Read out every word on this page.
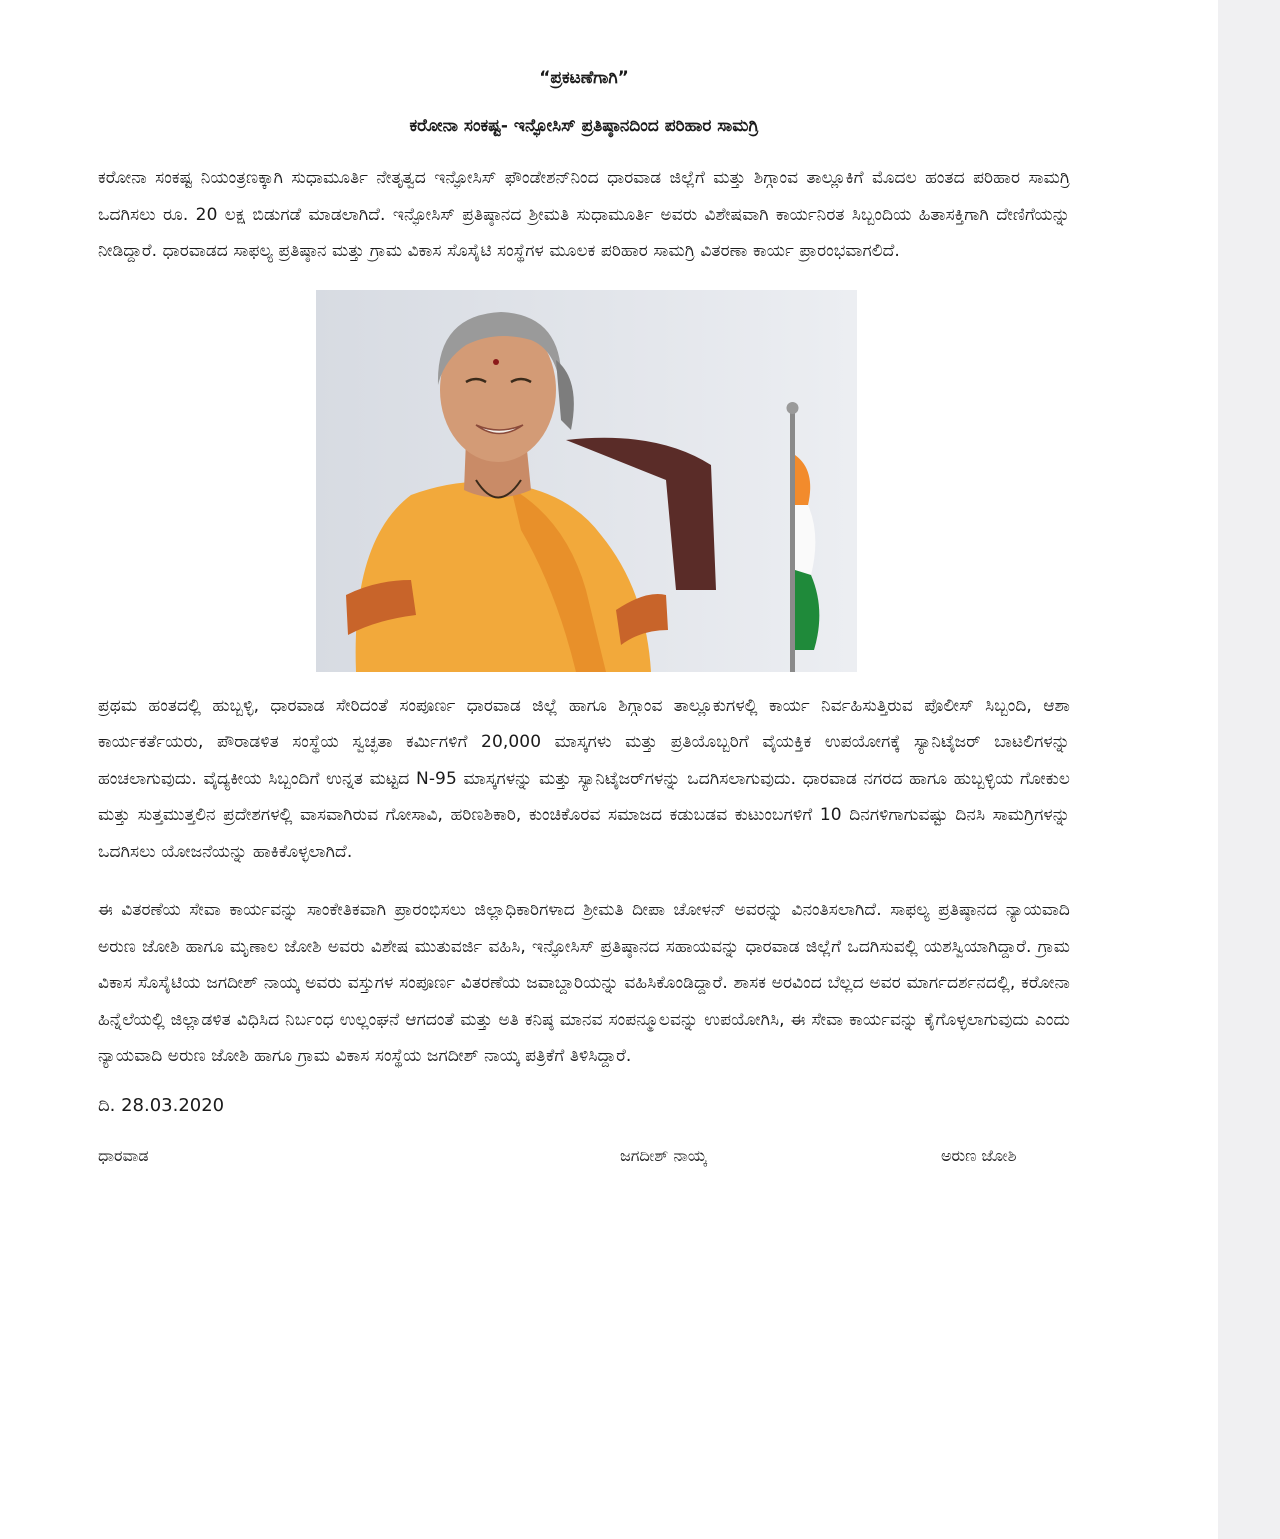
“ಪ್ರಕಟಣೆಗಾಗಿ”

ಕರೋನಾ ಸಂಕಷ್ಟ- ಇನ್ಫೋಸಿಸ್ ಪ್ರತಿಷ್ಠಾನದಿಂದ ಪರಿಹಾರ ಸಾಮಗ್ರಿ

ಕರೋನಾ ಸಂಕಷ್ಟ ನಿಯಂತ್ರಣಕ್ಕಾಗಿ ಸುಧಾಮೂರ್ತಿ ನೇತೃತ್ವದ ಇನ್ಫೋಸಿಸ್ ಫೌಂಡೇಶನ್‌ನಿಂದ ಧಾರವಾಡ ಜಿಲ್ಲೆಗೆ ಮತ್ತು ಶಿಗ್ಗಾಂವ ತಾಲ್ಲೂಕಿಗೆ ಮೊದಲ ಹಂತದ ಪರಿಹಾರ ಸಾಮಗ್ರಿ ಒದಗಿಸಲು ರೂ. 20 ಲಕ್ಷ ಬಿಡುಗಡೆ ಮಾಡಲಾಗಿದೆ. ಇನ್ಫೋಸಿಸ್ ಪ್ರತಿಷ್ಠಾನದ ಶ್ರೀಮತಿ ಸುಧಾಮೂರ್ತಿ ಅವರು ವಿಶೇಷವಾಗಿ ಕಾರ್ಯನಿರತ ಸಿಬ್ಬಂದಿಯ ಹಿತಾಸಕ್ತಿಗಾಗಿ ದೇಣಿಗೆಯನ್ನು ನೀಡಿದ್ದಾರೆ. ಧಾರವಾಡದ ಸಾಫಲ್ಯ ಪ್ರತಿಷ್ಠಾನ ಮತ್ತು ಗ್ರಾಮ ವಿಕಾಸ ಸೊಸೈಟಿ ಸಂಸ್ಥೆಗಳ ಮೂಲಕ ಪರಿಹಾರ ಸಾಮಗ್ರಿ ವಿತರಣಾ ಕಾರ್ಯ ಪ್ರಾರಂಭವಾಗಲಿದೆ.

ಪ್ರಥಮ ಹಂತದಲ್ಲಿ ಹುಬ್ಬಳ್ಳಿ, ಧಾರವಾಡ ಸೇರಿದಂತೆ ಸಂಪೂರ್ಣ ಧಾರವಾಡ ಜಿಲ್ಲೆ ಹಾಗೂ ಶಿಗ್ಗಾಂವ ತಾಲ್ಲೂಕುಗಳಲ್ಲಿ ಕಾರ್ಯ ನಿರ್ವಹಿಸುತ್ತಿರುವ ಪೊಲೀಸ್ ಸಿಬ್ಬಂದಿ, ಆಶಾ ಕಾರ್ಯಕರ್ತೆಯರು, ಪೌರಾಡಳಿತ ಸಂಸ್ಥೆಯ ಸ್ವಚ್ಛತಾ ಕರ್ಮಿಗಳಿಗೆ 20,000 ಮಾಸ್ಕಗಳು ಮತ್ತು ಪ್ರತಿಯೊಬ್ಬರಿಗೆ ವೈಯಕ್ತಿಕ ಉಪಯೋಗಕ್ಕೆ ಸ್ಯಾನಿಟೈಜರ್ ಬಾಟಲಿಗಳನ್ನು ಹಂಚಲಾಗುವುದು. ವೈದ್ಯಕೀಯ ಸಿಬ್ಬಂದಿಗೆ ಉನ್ನತ ಮಟ್ಟದ N-95 ಮಾಸ್ಕಗಳನ್ನು ಮತ್ತು ಸ್ಯಾನಿಟೈಜರ್‌ಗಳನ್ನು ಒದಗಿಸಲಾಗುವುದು. ಧಾರವಾಡ ನಗರದ ಹಾಗೂ ಹುಬ್ಬಳ್ಳಿಯ ಗೋಕುಲ ಮತ್ತು ಸುತ್ತಮುತ್ತಲಿನ ಪ್ರದೇಶಗಳಲ್ಲಿ ವಾಸವಾಗಿರುವ ಗೋಸಾವಿ, ಹರಿಣಶಿಕಾರಿ, ಕುಂಚಿಕೊರವ ಸಮಾಜದ ಕಡುಬಡವ ಕುಟುಂಬಗಳಿಗೆ 10 ದಿನಗಳಿಗಾಗುವಷ್ಟು ದಿನಸಿ ಸಾಮಗ್ರಿಗಳನ್ನು ಒದಗಿಸಲು ಯೋಜನೆಯನ್ನು ಹಾಕಿಕೊಳ್ಳಲಾಗಿದೆ.

ಈ ವಿತರಣೆಯ ಸೇವಾ ಕಾರ್ಯವನ್ನು ಸಾಂಕೇತಿಕವಾಗಿ ಪ್ರಾರಂಭಿಸಲು ಜಿಲ್ಲಾಧಿಕಾರಿಗಳಾದ ಶ್ರೀಮತಿ ದೀಪಾ ಚೋಳನ್ ಅವರನ್ನು ವಿನಂತಿಸಲಾಗಿದೆ. ಸಾಫಲ್ಯ ಪ್ರತಿಷ್ಠಾನದ ನ್ಯಾಯವಾದಿ ಅರುಣ ಜೋಶಿ ಹಾಗೂ ಮೃಣಾಲ ಜೋಶಿ ಅವರು ವಿಶೇಷ ಮುತುವರ್ಜಿ ವಹಿಸಿ, ಇನ್ಫೋಸಿಸ್ ಪ್ರತಿಷ್ಠಾನದ ಸಹಾಯವನ್ನು ಧಾರವಾಡ ಜಿಲ್ಲೆಗೆ ಒದಗಿಸುವಲ್ಲಿ ಯಶಸ್ವಿಯಾಗಿದ್ದಾರೆ. ಗ್ರಾಮ ವಿಕಾಸ ಸೊಸೈಟಿಯ ಜಗದೀಶ್ ನಾಯ್ಕ ಅವರು ವಸ್ತುಗಳ ಸಂಪೂರ್ಣ ವಿತರಣೆಯ ಜವಾಬ್ದಾರಿಯನ್ನು ವಹಿಸಿಕೊಂಡಿದ್ದಾರೆ. ಶಾಸಕ ಅರವಿಂದ ಬೆಲ್ಲದ ಅವರ ಮಾರ್ಗದರ್ಶನದಲ್ಲಿ, ಕರೋನಾ ಹಿನ್ನೆಲೆಯಲ್ಲಿ ಜಿಲ್ಲಾಡಳಿತ ವಿಧಿಸಿದ ನಿರ್ಬಂಧ ಉಲ್ಲಂಘನೆ ಆಗದಂತೆ ಮತ್ತು ಅತಿ ಕನಿಷ್ಠ ಮಾನವ ಸಂಪನ್ಮೂಲವನ್ನು ಉಪಯೋಗಿಸಿ, ಈ ಸೇವಾ ಕಾರ್ಯವನ್ನು ಕೈಗೊಳ್ಳಲಾಗುವುದು ಎಂದು ನ್ಯಾಯವಾದಿ ಅರುಣ ಜೋಶಿ ಹಾಗೂ ಗ್ರಾಮ ವಿಕಾಸ ಸಂಸ್ಥೆಯ ಜಗದೀಶ್ ನಾಯ್ಕ ಪತ್ರಿಕೆಗೆ ತಿಳಿಸಿದ್ದಾರೆ.

ದಿ. 28.03.2020
ಧಾರವಾಡ	ಜಗದೀಶ್ ನಾಯ್ಕ	ಅರುಣ ಜೋಶಿ
